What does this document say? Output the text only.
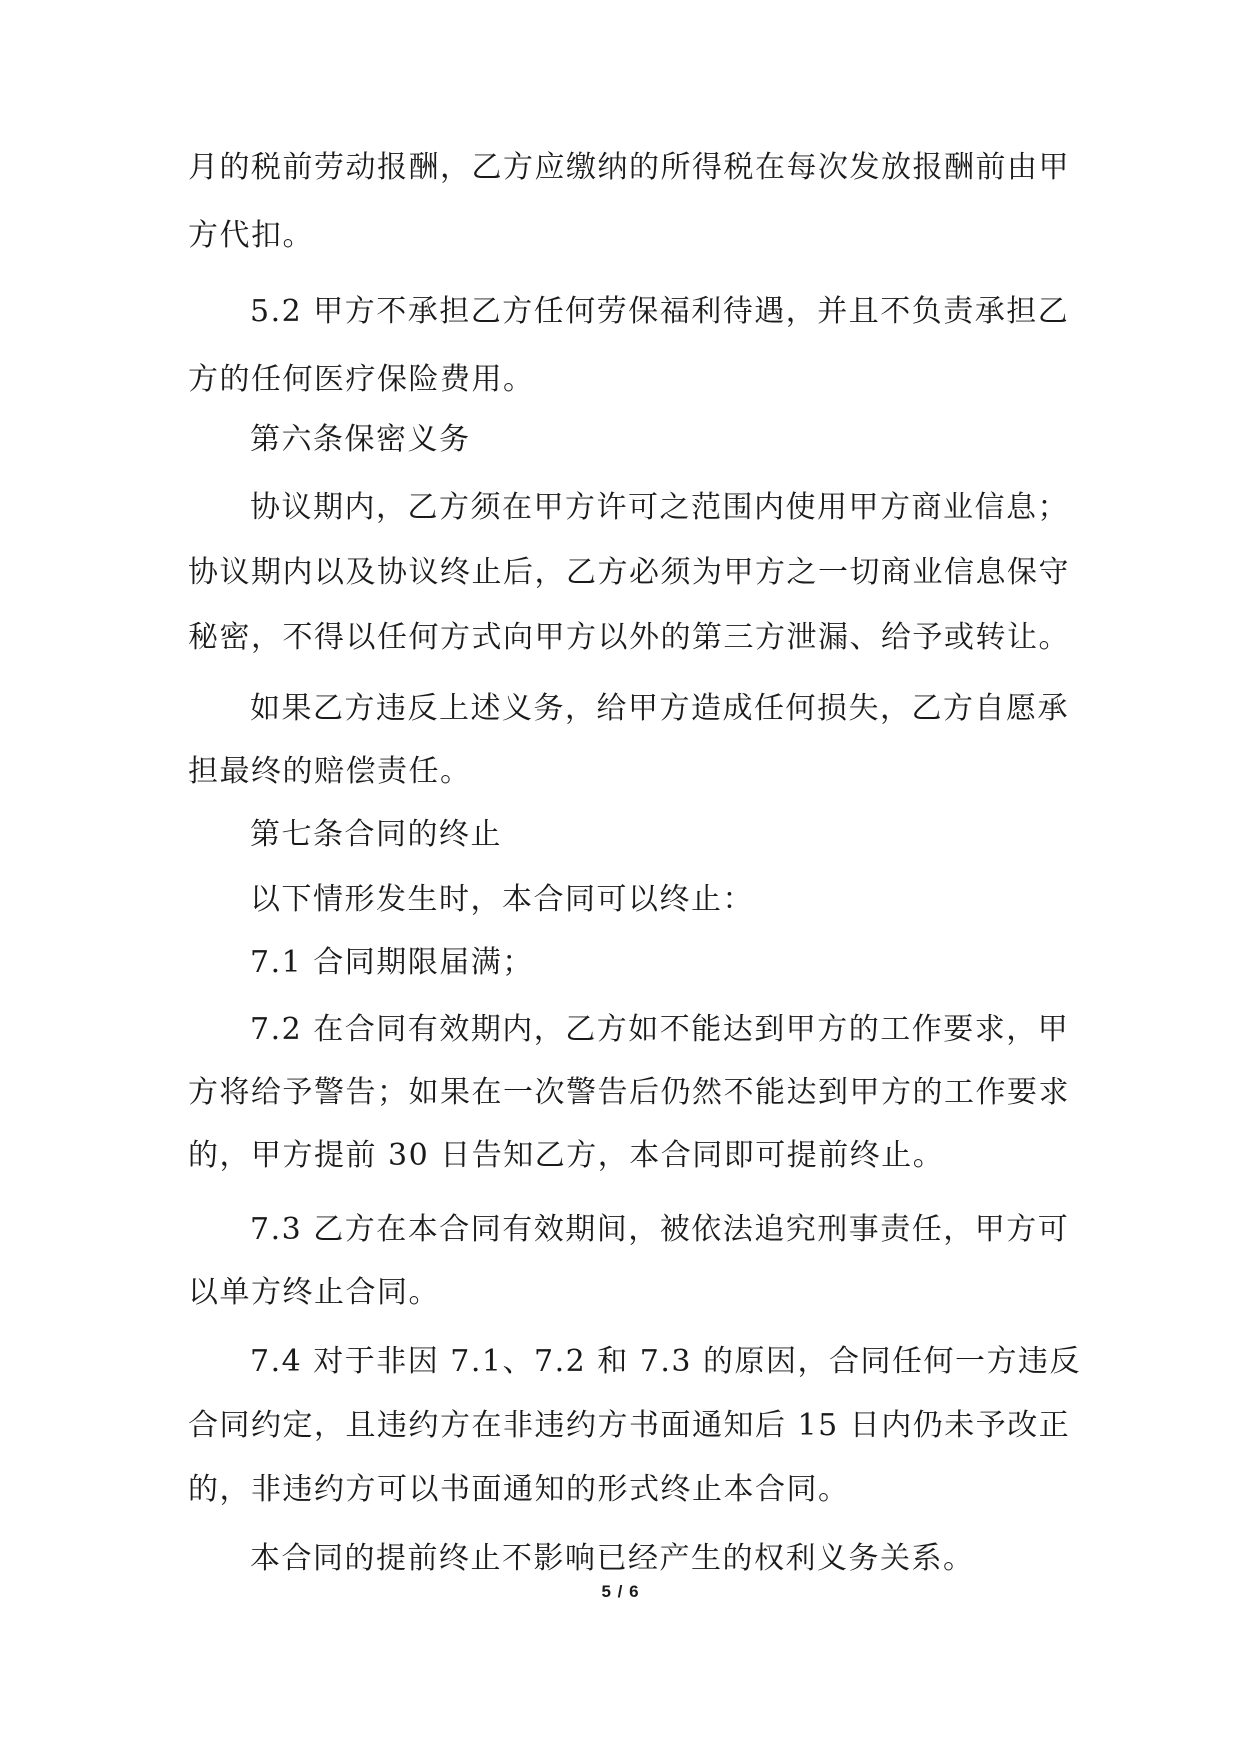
月的税前劳动报酬，乙方应缴纳的所得税在每次发放报酬前由甲
方代扣。
5.2 甲方不承担乙方任何劳保福利待遇，并且不负责承担乙
方的任何医疗保险费用。
第六条保密义务
协议期内，乙方须在甲方许可之范围内使用甲方商业信息；
协议期内以及协议终止后，乙方必须为甲方之一切商业信息保守
秘密，不得以任何方式向甲方以外的第三方泄漏、给予或转让。
如果乙方违反上述义务，给甲方造成任何损失，乙方自愿承
担最终的赔偿责任。
第七条合同的终止
以下情形发生时，本合同可以终止：
7.1 合同期限届满；
7.2 在合同有效期内，乙方如不能达到甲方的工作要求，甲
方将给予警告；如果在一次警告后仍然不能达到甲方的工作要求
的，甲方提前 30 日告知乙方，本合同即可提前终止。
7.3 乙方在本合同有效期间，被依法追究刑事责任，甲方可
以单方终止合同。
7.4 对于非因 7.1、7.2 和 7.3 的原因，合同任何一方违反
合同约定，且违约方在非违约方书面通知后 15 日内仍未予改正
的，非违约方可以书面通知的形式终止本合同。
本合同的提前终止不影响已经产生的权利义务关系。
5 / 6
